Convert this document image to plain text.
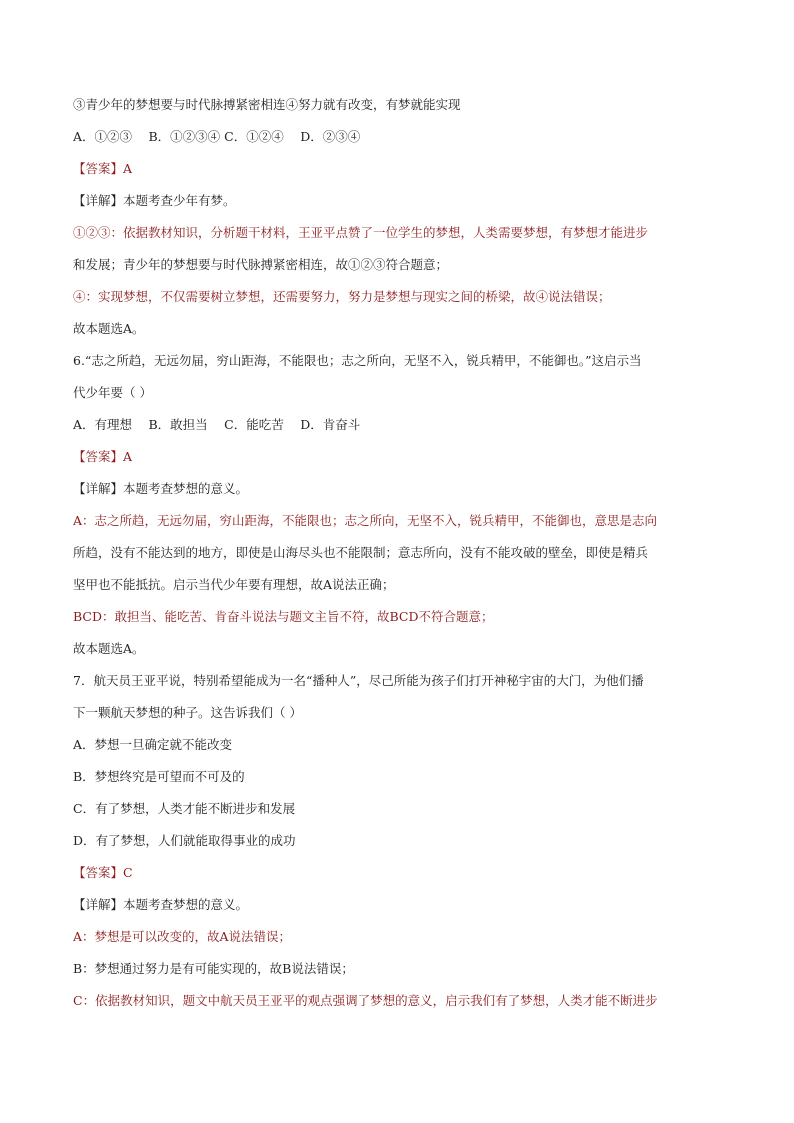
③青少年的梦想要与时代脉搏紧密相连④努力就有改变，有梦就能实现
A．①②③　 B．①②③④ C．①②④　 D．②③④
【答案】A
【详解】本题考查少年有梦。
①②③：依据教材知识，分析题干材料，王亚平点赞了一位学生的梦想，人类需要梦想，有梦想才能进步
和发展；青少年的梦想要与时代脉搏紧密相连，故①②③符合题意；
④：实现梦想，不仅需要树立梦想，还需要努力，努力是梦想与现实之间的桥梁，故④说法错误；
故本题选A。
6.“志之所趋，无远勿届，穷山距海，不能限也；志之所向，无坚不入，锐兵精甲，不能御也。”这启示当
代少年要（ ）
A．有理想　 B．敢担当　 C．能吃苦　 D．肯奋斗
【答案】A
【详解】本题考查梦想的意义。
A：志之所趋，无远勿届，穷山距海，不能限也；志之所向，无坚不入，锐兵精甲，不能御也，意思是志向
所趋，没有不能达到的地方，即使是山海尽头也不能限制；意志所向，没有不能攻破的壁垒，即使是精兵
坚甲也不能抵抗。启示当代少年要有理想，故A说法正确；
BCD：敢担当、能吃苦、肯奋斗说法与题文主旨不符，故BCD不符合题意；
故本题选A。
7．航天员王亚平说，特别希望能成为一名“播种人”，尽己所能为孩子们打开神秘宇宙的大门，为他们播
下一颗航天梦想的种子。这告诉我们（ ）
A．梦想一旦确定就不能改变
B．梦想终究是可望而不可及的
C．有了梦想，人类才能不断进步和发展
D．有了梦想，人们就能取得事业的成功
【答案】C
【详解】本题考查梦想的意义。
A：梦想是可以改变的，故A说法错误；
B：梦想通过努力是有可能实现的，故B说法错误；
C：依据教材知识，题文中航天员王亚平的观点强调了梦想的意义，启示我们有了梦想，人类才能不断进步
